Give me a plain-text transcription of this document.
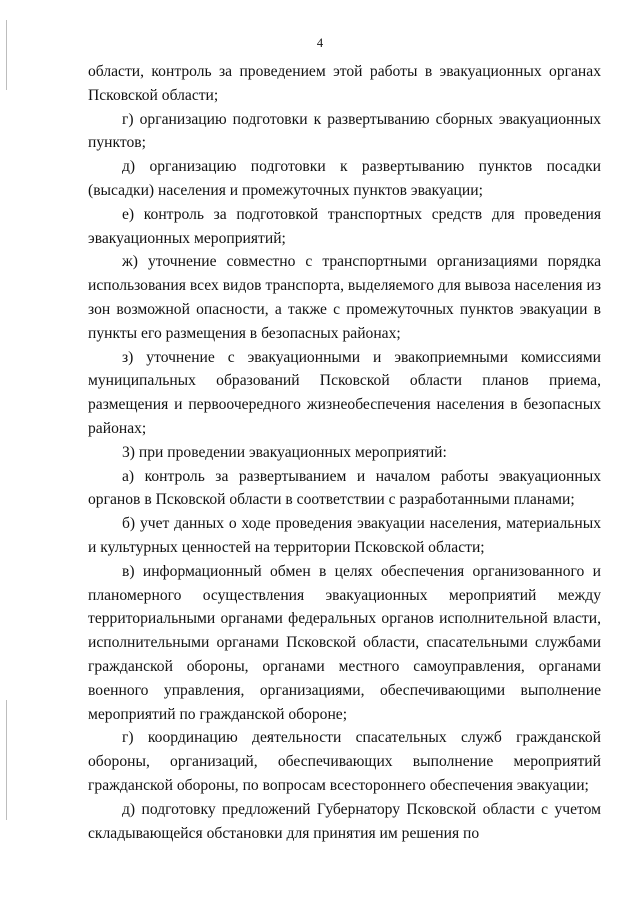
4

области, контроль за проведением этой работы в эвакуационных органах Псковской области;

г) организацию подготовки к развертыванию сборных эвакуационных пунктов;

д) организацию подготовки к развертыванию пунктов посадки (высадки) населения и промежуточных пунктов эвакуации;

е) контроль за подготовкой транспортных средств для проведения эвакуационных мероприятий;

ж) уточнение совместно с транспортными организациями порядка использования всех видов транспорта, выделяемого для вывоза населения из зон возможной опасности, а также с промежуточных пунктов эвакуации в пункты его размещения в безопасных районах;

з) уточнение с эвакуационными и эвакоприемными комиссиями муниципальных образований Псковской области планов приема, размещения и первоочередного жизнеобеспечения населения в безопасных районах;

3) при проведении эвакуационных мероприятий:

а) контроль за развертыванием и началом работы эвакуационных органов в Псковской области в соответствии с разработанными планами;

б) учет данных о ходе проведения эвакуации населения, материальных и культурных ценностей на территории Псковской области;

в) информационный обмен в целях обеспечения организованного и планомерного осуществления эвакуационных мероприятий между территориальными органами федеральных органов исполнительной власти, исполнительными органами Псковской области, спасательными службами гражданской обороны, органами местного самоуправления, органами военного управления, организациями, обеспечивающими выполнение мероприятий по гражданской обороне;

г) координацию деятельности спасательных служб гражданской обороны, организаций, обеспечивающих выполнение мероприятий гражданской обороны, по вопросам всестороннего обеспечения эвакуации;

д) подготовку предложений Губернатору Псковской области с учетом складывающейся обстановки для принятия им решения по
